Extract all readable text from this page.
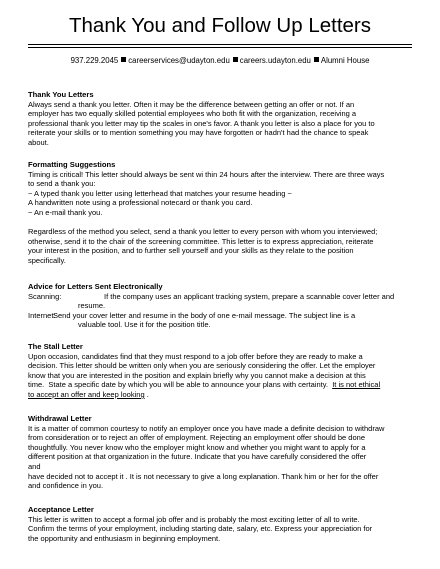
Thank You and Follow Up Letters
937.229.2045 careerservices@udayton.edu careers.udayton.edu Alumni House
Thank You Letters

Always send a thank you letter. Often it may be the difference between getting an offer or not. If an

employer has two equally skilled potential employees who both fit with the organization, receiving a

professional thank you letter may tip the scales in one's favor. A thank you letter is also a place for you to

reiterate your skills or to mention something you may have forgotten or hadn't had the chance to speak

about.

Formatting Suggestions

Timing is critical! This letter should always be sent wi thin 24 hours after the interview. There are three ways

to send a thank you:

~ A typed thank you letter using letterhead that matches your resume heading ~

A handwritten note using a professional notecard or thank you card.

~ An e-mail thank you.

Regardless of the method you select, send a thank you letter to every person with whom you interviewed;

otherwise, send it to the chair of the screening committee. This letter is to express appreciation, reiterate

your interest in the position, and to further sell yourself and your skills as they relate to the position

specifically.

Advice for Letters Sent Electronically
Scanning:	If the company uses an applicant tracking system, prepare a scannable cover letter and

resume.

Internet:

Send your cover letter and resume in the body of one e-mail message. The subject line is a

valuable tool. Use it for the position title.

The Stall Letter

Upon occasion, candidates find that they must respond to a job offer before they are ready to make a

decision. This letter should be written only when you are seriously considering the offer. Let the employer

know that you are interested in the position and explain briefly why you cannot make a decision at this

time.  State a specific date by which you will be able to announce your plans with certainty.  It is not ethical

to accept an offer and keep looking .

Withdrawal Letter

It is a matter of common courtesy to notify an employer once you have made a definite decision to withdraw

from consideration or to reject an offer of employment. Rejecting an employment offer should be done

thoughtfully. You never know who the employer might know and whether you might want to apply for a

different position at that organization in the future. Indicate that you have carefully considered the offer

and

have decided not to accept it . It is not necessary to give a long explanation. Thank him or her for the offer

and confidence in you.

Acceptance Letter

This letter is written to accept a formal job offer and is probably the most exciting letter of all to write.

Confirm the terms of your employment, including starting date, salary, etc. Express your appreciation for

the opportunity and enthusiasm in beginning employment.
